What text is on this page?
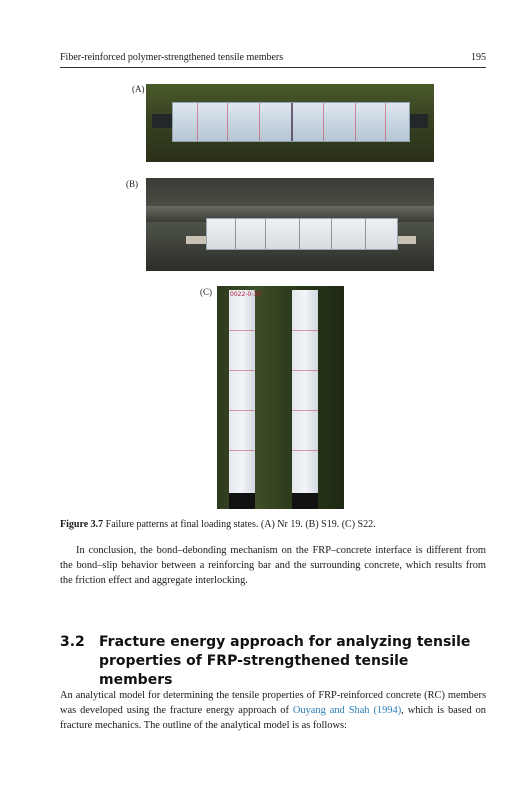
Fiber-reinforced polymer-strengthened tensile members	195
(A)
(B)
(C)	0022-0-30
Figure 3.7 Failure patterns at final loading states. (A) Nr 19. (B) S19. (C) S22.

In conclusion, the bond–debonding mechanism on the FRP–concrete interface is different from the bond–slip behavior between a reinforcing bar and the surrounding concrete, which results from the friction effect and aggregate interlocking.

3.2 Fracture energy approach for analyzing tensile properties of FRP-strengthened tensile members

An analytical model for determining the tensile properties of FRP-reinforced concrete (RC) members was developed using the fracture energy approach of Ouyang and Shah (1994), which is based on fracture mechanics. The outline of the analytical model is as follows:
